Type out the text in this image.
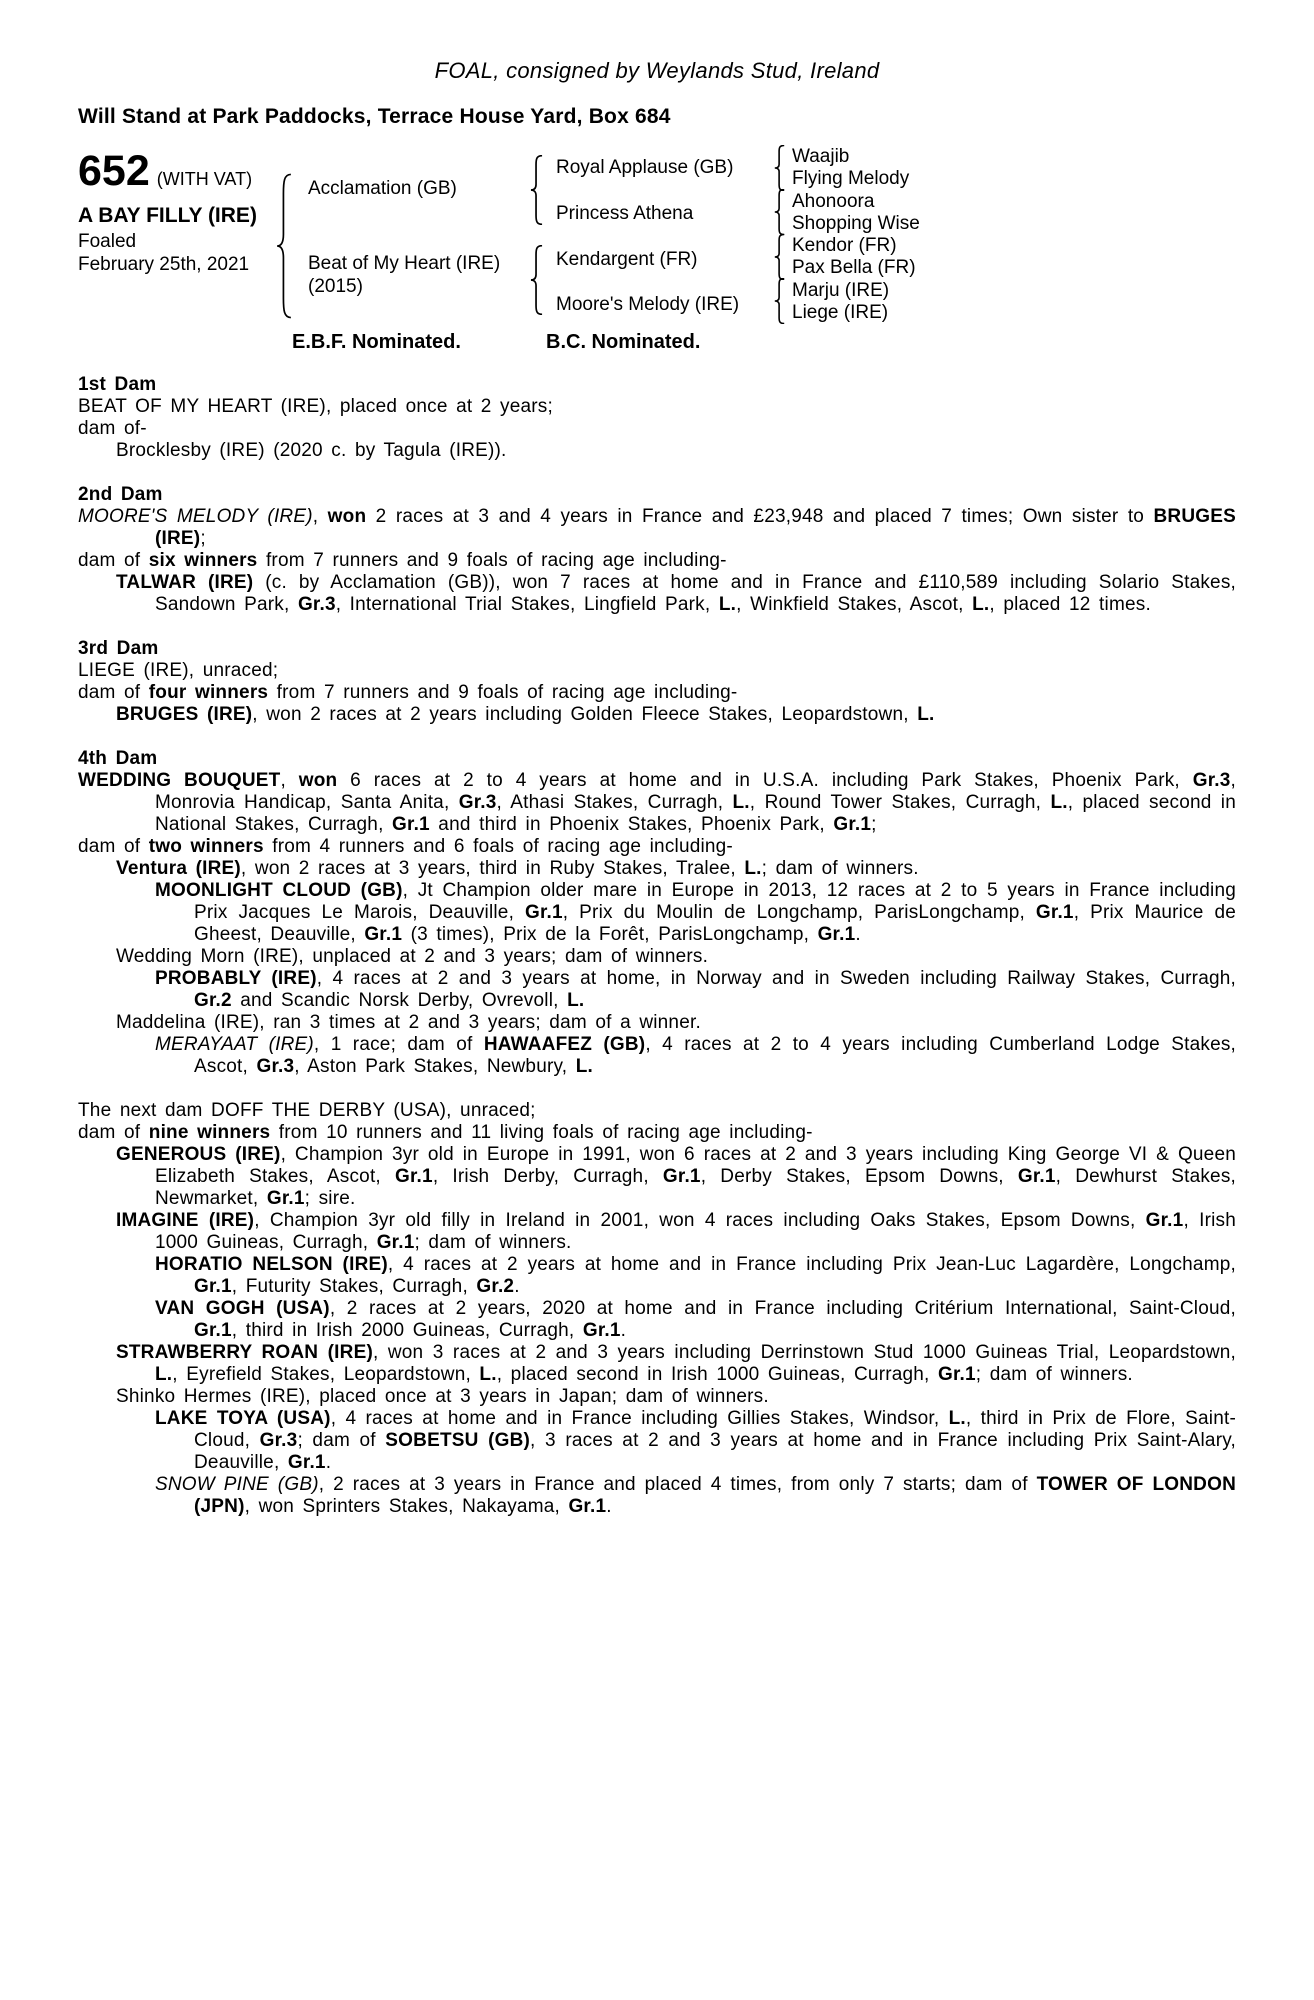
FOAL, consigned by Weylands Stud, Ireland
Will Stand at Park Paddocks, Terrace House Yard, Box 684
652 (WITH VAT)
A BAY FILLY (IRE)
Foaled
February 25th, 2021
Acclamation (GB)
Beat of My Heart (IRE)
(2015)
Royal Applause (GB)
Princess Athena
Kendargent (FR)
Moore's Melody (IRE)
Waajib
Flying Melody
Ahonoora
Shopping Wise
Kendor (FR)
Pax Bella (FR)
Marju (IRE)
Liege (IRE)
E.B.F. Nominated.	B.C. Nominated.
1st Dam
BEAT OF MY HEART (IRE), placed once at 2 years;
dam of-
Brocklesby (IRE) (2020 c. by Tagula (IRE)).
2nd Dam
MOORE'S MELODY (IRE), won 2 races at 3 and 4 years in France and £23,948 and placed 7 times; Own sister to BRUGES (IRE);
dam of six winners from 7 runners and 9 foals of racing age including-
TALWAR (IRE) (c. by Acclamation (GB)), won 7 races at home and in France and £110,589 including Solario Stakes, Sandown Park, Gr.3, International Trial Stakes, Lingfield Park, L., Winkfield Stakes, Ascot, L., placed 12 times.
3rd Dam
LIEGE (IRE), unraced;
dam of four winners from 7 runners and 9 foals of racing age including-
BRUGES (IRE), won 2 races at 2 years including Golden Fleece Stakes, Leopardstown, L.
4th Dam
WEDDING BOUQUET, won 6 races at 2 to 4 years at home and in U.S.A. including Park Stakes, Phoenix Park, Gr.3, Monrovia Handicap, Santa Anita, Gr.3, Athasi Stakes, Curragh, L., Round Tower Stakes, Curragh, L., placed second in National Stakes, Curragh, Gr.1 and third in Phoenix Stakes, Phoenix Park, Gr.1;
dam of two winners from 4 runners and 6 foals of racing age including-
Ventura (IRE), won 2 races at 3 years, third in Ruby Stakes, Tralee, L.; dam of winners.
MOONLIGHT CLOUD (GB), Jt Champion older mare in Europe in 2013, 12 races at 2 to 5 years in France including Prix Jacques Le Marois, Deauville, Gr.1, Prix du Moulin de Longchamp, ParisLongchamp, Gr.1, Prix Maurice de Gheest, Deauville, Gr.1 (3 times), Prix de la Forêt, ParisLongchamp, Gr.1.
Wedding Morn (IRE), unplaced at 2 and 3 years; dam of winners.
PROBABLY (IRE), 4 races at 2 and 3 years at home, in Norway and in Sweden including Railway Stakes, Curragh, Gr.2 and Scandic Norsk Derby, Ovrevoll, L.
Maddelina (IRE), ran 3 times at 2 and 3 years; dam of a winner.
MERAYAAT (IRE), 1 race; dam of HAWAAFEZ (GB), 4 races at 2 to 4 years including Cumberland Lodge Stakes, Ascot, Gr.3, Aston Park Stakes, Newbury, L.
The next dam DOFF THE DERBY (USA), unraced;
dam of nine winners from 10 runners and 11 living foals of racing age including-
GENEROUS (IRE), Champion 3yr old in Europe in 1991, won 6 races at 2 and 3 years including King George VI & Queen Elizabeth Stakes, Ascot, Gr.1, Irish Derby, Curragh, Gr.1, Derby Stakes, Epsom Downs, Gr.1, Dewhurst Stakes, Newmarket, Gr.1; sire.
IMAGINE (IRE), Champion 3yr old filly in Ireland in 2001, won 4 races including Oaks Stakes, Epsom Downs, Gr.1, Irish 1000 Guineas, Curragh, Gr.1; dam of winners.
HORATIO NELSON (IRE), 4 races at 2 years at home and in France including Prix Jean-Luc Lagardère, Longchamp, Gr.1, Futurity Stakes, Curragh, Gr.2.
VAN GOGH (USA), 2 races at 2 years, 2020 at home and in France including Critérium International, Saint-Cloud, Gr.1, third in Irish 2000 Guineas, Curragh, Gr.1.
STRAWBERRY ROAN (IRE), won 3 races at 2 and 3 years including Derrinstown Stud 1000 Guineas Trial, Leopardstown, L., Eyrefield Stakes, Leopardstown, L., placed second in Irish 1000 Guineas, Curragh, Gr.1; dam of winners.
Shinko Hermes (IRE), placed once at 3 years in Japan; dam of winners.
LAKE TOYA (USA), 4 races at home and in France including Gillies Stakes, Windsor, L., third in Prix de Flore, Saint-Cloud, Gr.3; dam of SOBETSU (GB), 3 races at 2 and 3 years at home and in France including Prix Saint-Alary, Deauville, Gr.1.
SNOW PINE (GB), 2 races at 3 years in France and placed 4 times, from only 7 starts; dam of TOWER OF LONDON (JPN), won Sprinters Stakes, Nakayama, Gr.1.
